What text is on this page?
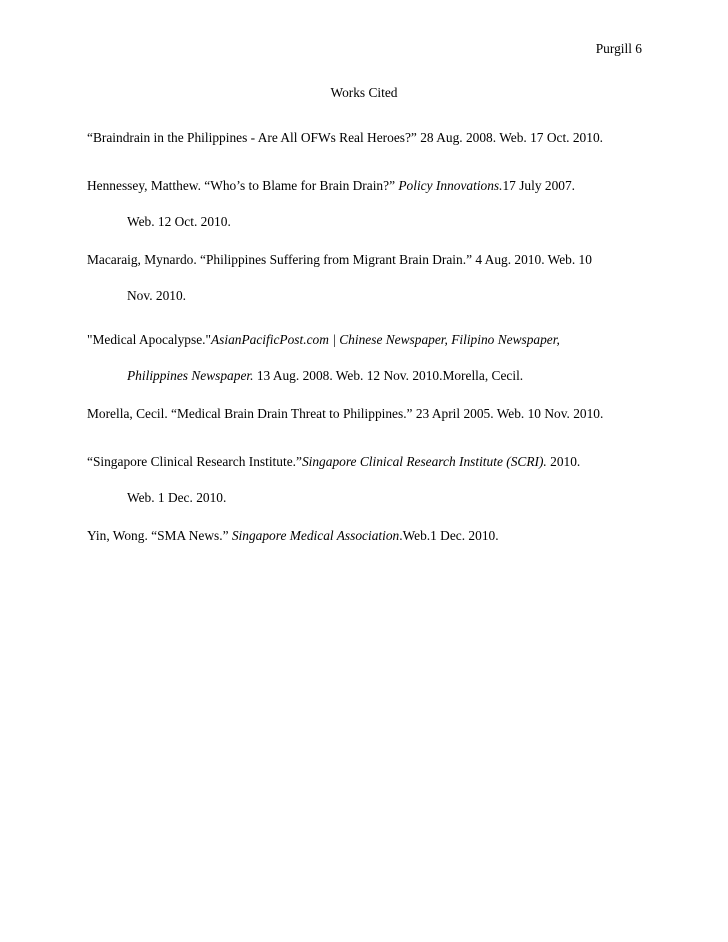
Purgill 6
Works Cited
“Braindrain in the Philippines - Are All OFWs Real Heroes?” 28 Aug. 2008. Web. 17 Oct. 2010.
Hennessey, Matthew. “Who’s to Blame for Brain Drain?” Policy Innovations.17 July 2007.
Web. 12 Oct. 2010.
Macaraig, Mynardo. “Philippines Suffering from Migrant Brain Drain.” 4 Aug. 2010. Web. 10
Nov. 2010.
"Medical Apocalypse."AsianPacificPost.com | Chinese Newspaper, Filipino Newspaper,
Philippines Newspaper. 13 Aug. 2008. Web. 12 Nov. 2010.Morella, Cecil.
Morella, Cecil. “Medical Brain Drain Threat to Philippines.” 23 April 2005. Web. 10 Nov. 2010.
“Singapore Clinical Research Institute.”Singapore Clinical Research Institute (SCRI). 2010.
Web. 1 Dec. 2010.
Yin, Wong. “SMA News.” Singapore Medical Association.Web.1 Dec. 2010.
